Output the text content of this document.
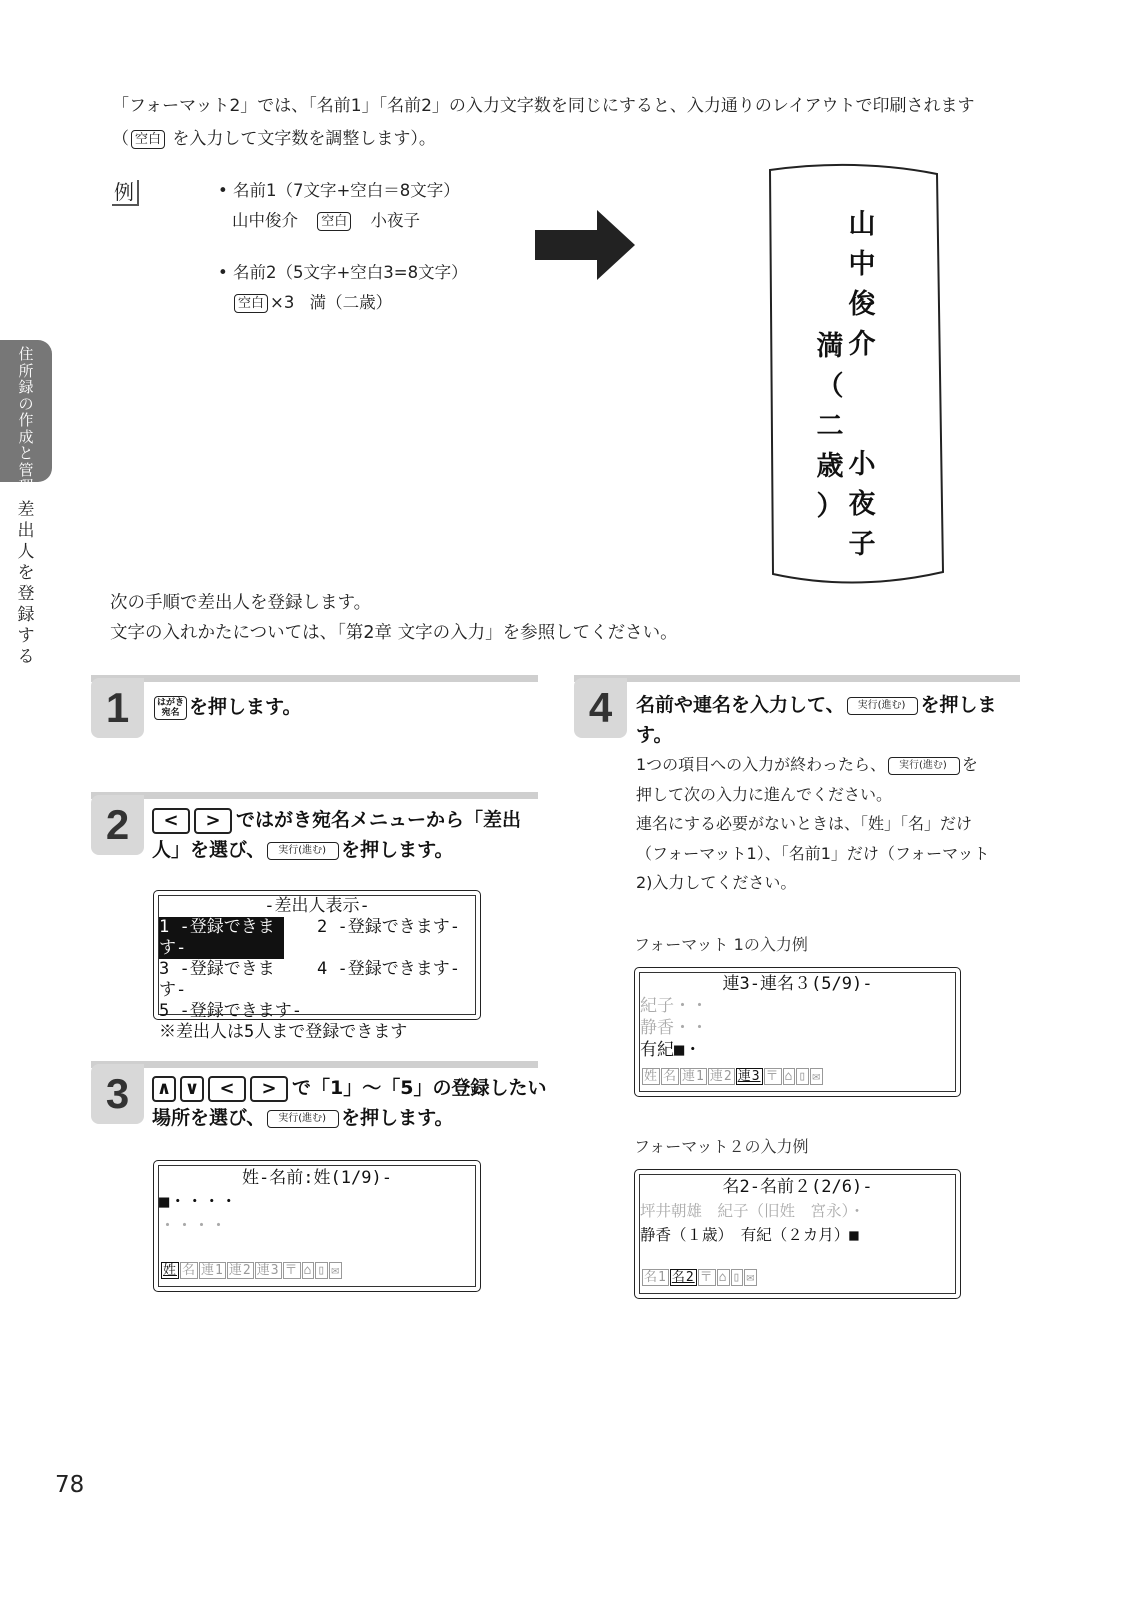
「フォーマット2」では、「名前1」「名前2」の入力文字数を同じにすると、入力通りのレイアウトで印刷されます
（ 空白 を入力して文字数を調整します）。
例	• 名前1（7文字+空白＝8文字）
山中俊介 空白 小夜子
• 名前2（5文字+空白3=8文字）
空白 ×3 満（二歳）
山
中
俊
介

小
夜
子
満
（
二
歳
）
住所録の作成と管理
差出人を登録する
次の手順で差出人を登録します。
文字の入れかたについては、「第2章 文字の入力」を参照してください。
1	はがき
宛名 を押します。
2	< > ではがき宛名メニューから「差出
人」を選び、 実行(進む) を押します。
-差出人表示-
1 -登録できます-
2 -登録できます-
3 -登録できます-
4 -登録できます-
5 -登録できます-
※差出人は5人まで登録できます
3	∧ ∨ < > で「1」～「5」の登録したい
場所を選び、 実行(進む) を押します。
姓-名前:姓(1/9)-
■・・・・
・・・・
姓 名 連1 連2 連3 〒 ⌂ ▯ ✉
4	名前や連名を入力して、 実行(進む) を押しま
す。
1つの項目への入力が終わったら、 実行(進む) を
押して次の入力に進んでください。
連名にする必要がないときは、「姓」「名」だけ
（フォーマット1）、「名前1」だけ（フォーマット
2)入力してください。
フォーマット 1の入力例
連3-連名３(5/9)-
紀子・・
静香・・
有紀■・
姓 名 連1 連2 連3 〒 ⌂ ▯ ✉
フォーマット２の入力例
名2-名前２(2/6)-
坪井朝雄　紀子（旧姓　宮永）・
静香（１歳）　有紀（２カ月）■
名1 名2 〒 ⌂ ▯ ✉
78
